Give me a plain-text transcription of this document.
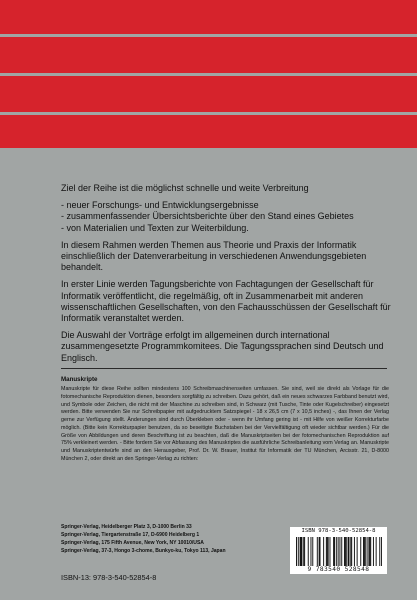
Ziel der Reihe ist die möglichst schnelle und weite Verbreitung

- neuer Forschungs- und Entwicklungsergebnisse
- zusammenfassender Übersichtsberichte über den Stand eines Gebietes
- von Materialien und Texten zur Weiterbildung.

In diesem Rahmen werden Themen aus Theorie und Praxis der Informatik einschließlich der Datenverarbeitung in verschiedenen Anwendungsgebieten behandelt.

In erster Linie werden Tagungsberichte von Fachtagungen der Gesellschaft für Informatik veröffentlicht, die regelmäßig, oft in Zusammenarbeit mit anderen wissenschaftlichen Gesellschaften, von den Fachausschüssen der Gesellschaft für Informatik veranstaltet werden.

Die Auswahl der Vorträge erfolgt im allgemeinen durch international zusammengesetzte Programmkomitees. Die Tagungssprachen sind Deutsch und Englisch.

Manuskripte
Manuskripte für diese Reihe sollten mindestens 100 Schreibmaschinenseiten umfassen. Sie sind, weil sie direkt als Vorlage für die fotomechanische Reproduktion dienen, besonders sorgfältig zu schreiben. Dazu gehört, daß ein neues schwarzes Farbband benutzt wird, und Symbole oder Zeichen, die nicht mit der Maschine zu schreiben sind, in Schwarz (mit Tusche, Tinte oder Kugelschreiber) eingesetzt werden. Bitte verwenden Sie nur Schreibpapier mit aufgedrucktem Satzspiegel - 18 x 26,5 cm (7 x 10,5 inches) -, das Ihnen der Verlag gerne zur Verfügung stellt. Änderungen sind durch Überkleben oder - wenn ihr Umfang gering ist - mit Hilfe von weißer Korrekturfarbe möglich. (Bitte kein Korrekturpapier benutzen, da so beseitigte Buchstaben bei der Vervielfältigung oft wieder sichtbar werden.) Für die Größe von Abbildungen und deren Beschriftung ist zu beachten, daß die Manuskriptseiten bei der fotomechanischen Reproduktion auf 75% verkleinert werden. - Bitte fordern Sie vor Abfassung des Manuskriptes die ausführliche Schreibanleitung vom Verlag an. Manuskripte und Manuskriptentwürfe sind an den Herausgeber, Prof. Dr. W. Brauer, Institut für Informatik der TU München, Arcisstr. 21, D-8000 München 2, oder direkt an den Springer-Verlag zu richten:
Springer-Verlag, Heidelberger Platz 3, D-1000 Berlin 33
Springer-Verlag, Tiergartenstraße 17, D-6900 Heidelberg 1
Springer-Verlag, 175 Fifth Avenue, New York, NY 10010/USA
Springer-Verlag, 37-3, Hongo 3-chome, Bunkyo-ku, Tokyo 113, Japan
ISBN 978-3-540-52854-8
9 783540 528548
ISBN-13: 978-3-540-52854-8
